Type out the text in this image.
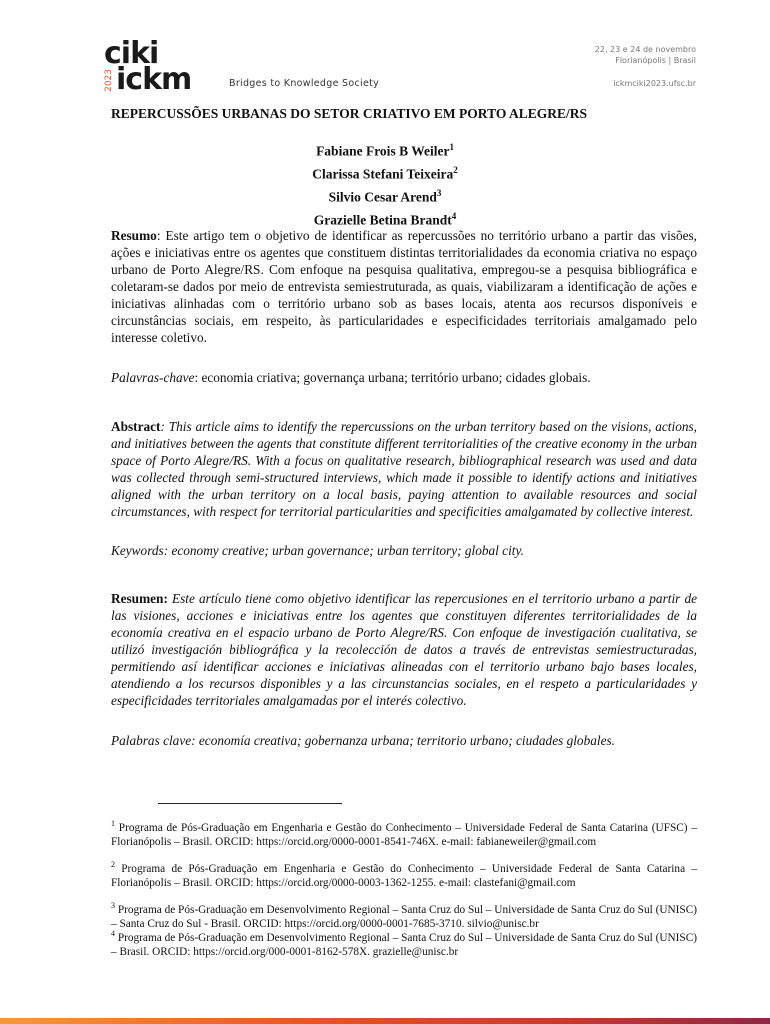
ciki
2023 ickm	Bridges to Knowledge Society
22, 23 e 24 de novembro
Florianópolis | Brasil
ickmciki2023.ufsc.br
REPERCUSSÕES URBANAS DO SETOR CRIATIVO EM PORTO ALEGRE/RS
Fabiane Frois B Weiler$^1$
Clarissa Stefani Teixeira$^2$
Silvio Cesar Arend$^3$
Grazielle Betina Brandt$^4$
Resumo: Este artigo tem o objetivo de identificar as repercussões no território urbano a partir das visões, ações e iniciativas entre os agentes que constituem distintas territorialidades da economia criativa no espaço urbano de Porto Alegre/RS. Com enfoque na pesquisa qualitativa, empregou-se a pesquisa bibliográfica e coletaram-se dados por meio de entrevista semiestruturada, as quais, viabilizaram a identificação de ações e iniciativas alinhadas com o território urbano sob as bases locais, atenta aos recursos disponíveis e circunstâncias sociais, em respeito, às particularidades e especificidades territoriais amalgamado pelo interesse coletivo.
Palavras-chave: economia criativa; governança urbana; território urbano; cidades globais.
Abstract: This article aims to identify the repercussions on the urban territory based on the visions, actions, and initiatives between the agents that constitute different territorialities of the creative economy in the urban space of Porto Alegre/RS. With a focus on qualitative research, bibliographical research was used and data was collected through semi-structured interviews, which made it possible to identify actions and initiatives aligned with the urban territory on a local basis, paying attention to available resources and social circumstances, with respect for territorial particularities and specificities amalgamated by collective interest.
Keywords: economy creative; urban governance; urban territory; global city.
Resumen: Este artículo tiene como objetivo identificar las repercusiones en el territorio urbano a partir de las visiones, acciones e iniciativas entre los agentes que constituyen diferentes territorialidades de la economía creativa en el espacio urbano de Porto Alegre/RS. Con enfoque de investigación cualitativa, se utilizó investigación bibliográfica y la recolección de datos a través de entrevistas semiestructuradas, permitiendo así identificar acciones e iniciativas alineadas con el territorio urbano bajo bases locales, atendiendo a los recursos disponibles y a las circunstancias sociales, en el respeto a particularidades y especificidades territoriales amalgamadas por el interés colectivo.
Palabras clave: economía creativa; gobernanza urbana; territorio urbano; ciudades globales.
$^1$ Programa de Pós-Graduação em Engenharia e Gestão do Conhecimento – Universidade Federal de Santa Catarina (UFSC) – Florianópolis – Brasil. ORCID: https://orcid.org/0000-0001-8541-746X. e-mail: fabianeweiler@gmail.com
$^2$ Programa de Pós-Graduação em Engenharia e Gestão do Conhecimento – Universidade Federal de Santa Catarina – Florianópolis – Brasil. ORCID: https://orcid.org/0000-0003-1362-1255. e-mail: clastefani@gmail.com
$^3$ Programa de Pós-Graduação em Desenvolvimento Regional – Santa Cruz do Sul – Universidade de Santa Cruz do Sul (UNISC) – Santa Cruz do Sul - Brasil. ORCID: https://orcid.org/0000-0001-7685-3710. silvio@unisc.br
$^4$ Programa de Pós-Graduação em Desenvolvimento Regional – Santa Cruz do Sul – Universidade de Santa Cruz do Sul (UNISC) – Brasil. ORCID: https://orcid.org/000-0001-8162-578X. grazielle@unisc.br
